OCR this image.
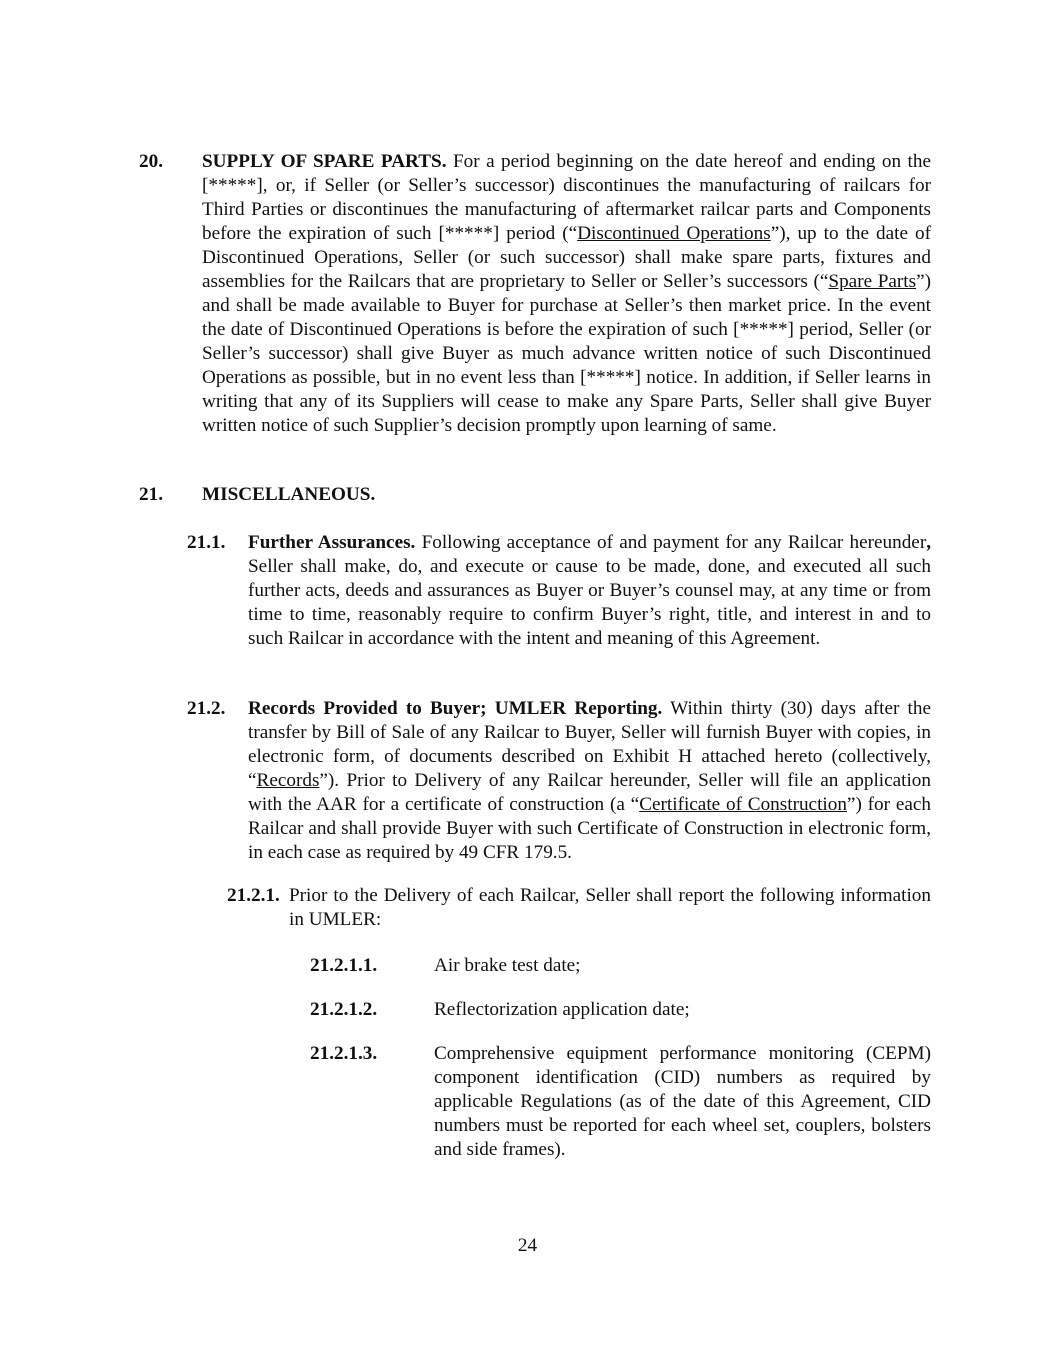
20. SUPPLY OF SPARE PARTS. For a period beginning on the date hereof and ending on the [*****], or, if Seller (or Seller’s successor) discontinues the manufacturing of railcars for Third Parties or discontinues the manufacturing of aftermarket railcar parts and Components before the expiration of such [*****] period (“Discontinued Operations”), up to the date of Discontinued Operations, Seller (or such successor) shall make spare parts, fixtures and assemblies for the Railcars that are proprietary to Seller or Seller’s successors (“Spare Parts”) and shall be made available to Buyer for purchase at Seller’s then market price. In the event the date of Discontinued Operations is before the expiration of such [*****] period, Seller (or Seller’s successor) shall give Buyer as much advance written notice of such Discontinued Operations as possible, but in no event less than [*****] notice. In addition, if Seller learns in writing that any of its Suppliers will cease to make any Spare Parts, Seller shall give Buyer written notice of such Supplier’s decision promptly upon learning of same.

21. MISCELLANEOUS.
21.1. Further Assurances. Following acceptance of and payment for any Railcar hereunder, Seller shall make, do, and execute or cause to be made, done, and executed all such further acts, deeds and assurances as Buyer or Buyer’s counsel may, at any time or from time to time, reasonably require to confirm Buyer’s right, title, and interest in and to such Railcar in accordance with the intent and meaning of this Agreement.

21.2. Records Provided to Buyer; UMLER Reporting. Within thirty (30) days after the transfer by Bill of Sale of any Railcar to Buyer, Seller will furnish Buyer with copies, in electronic form, of documents described on Exhibit H attached hereto (collectively, “Records”). Prior to Delivery of any Railcar hereunder, Seller will file an application with the AAR for a certificate of construction (a “Certificate of Construction”) for each Railcar and shall provide Buyer with such Certificate of Construction in electronic form, in each case as required by 49 CFR 179.5.

21.2.1. Prior to the Delivery of each Railcar, Seller shall report the following information in UMLER:

21.2.1.1.	Air brake test date;

21.2.1.2.	Reflectorization application date;

21.2.1.3.	Comprehensive equipment performance monitoring (CEPM) component identification (CID) numbers as required by applicable Regulations (as of the date of this Agreement, CID numbers must be reported for each wheel set, couplers, bolsters and side frames).

24
